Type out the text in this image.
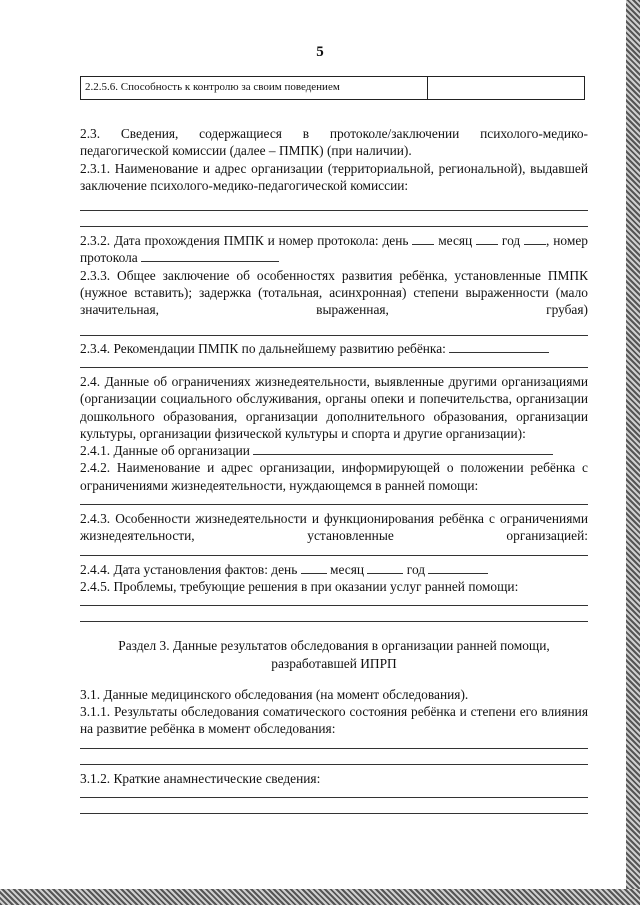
5
2.2.5.6. Способность к контролю за своим поведением

2.3. Сведения, содержащиеся в протоколе/заключении психолого-медико-педагогической комиссии (далее – ПМПК) (при наличии).

2.3.1. Наименование и адрес организации (территориальной, региональной), выдавшей заключение психолого-медико-педагогической комиссии:

2.3.2. Дата прохождения ПМПК и номер протокола: день месяц год , номер протокола

2.3.3. Общее заключение об особенностях развития ребёнка, установленные ПМПК (нужное вставить); задержка (тотальная, асинхронная) степени выраженности (мало значительная, выраженная, грубая)

2.3.4. Рекомендации ПМПК по дальнейшему развитию ребёнка:

2.4. Данные об ограничениях жизнедеятельности, выявленные другими организациями (организации социального обслуживания, органы опеки и попечительства, организации дошкольного образования, организации дополнительного образования, организации культуры, организации физической культуры и спорта и другие организации):

2.4.1. Данные об организации

2.4.2. Наименование и адрес организации, информирующей о положении ребёнка с ограничениями жизнедеятельности, нуждающемся в ранней помощи:

2.4.3. Особенности жизнедеятельности и функционирования ребёнка с ограничениями жизнедеятельности, установленные организацией:

2.4.4. Дата установления фактов: день месяц	год

2.4.5. Проблемы, требующие решения в при оказании услуг ранней помощи:

Раздел 3. Данные результатов обследования в организации ранней помощи, разработавшей ИПРП

3.1. Данные медицинского обследования (на момент обследования).

3.1.1. Результаты обследования соматического состояния ребёнка и степени его влияния на развитие ребёнка в момент обследования:

3.1.2. Краткие анамнестические сведения:
